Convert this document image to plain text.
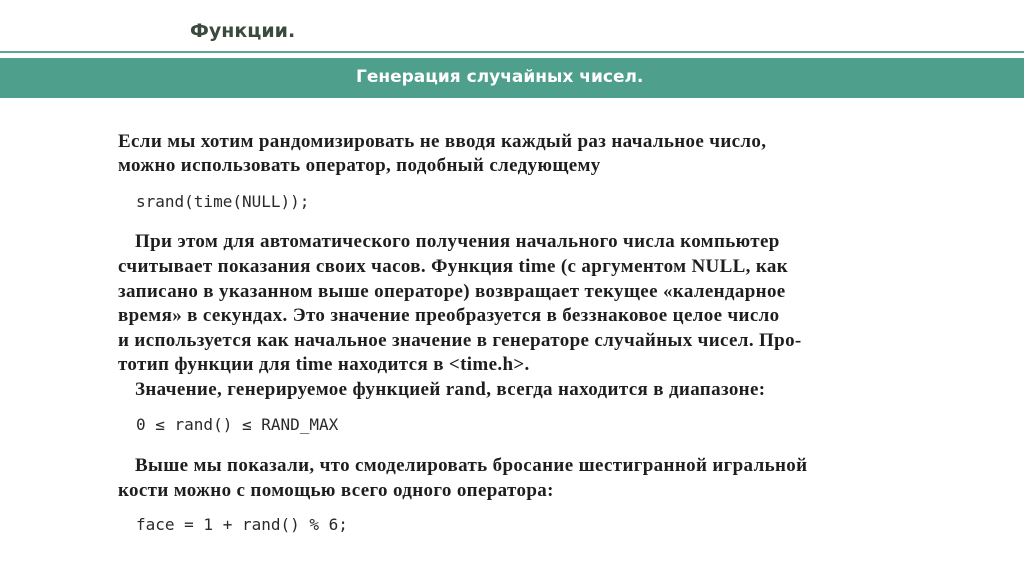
Функции.
Генерация случайных чисел.
Если мы хотим рандомизировать не вводя каждый раз начальное число,
можно использовать оператор, подобный следующему
srand(time(NULL));
При этом для автоматического получения начального числа компьютер
считывает показания своих часов. Функция time (с аргументом NULL, как
записано в указанном выше операторе) возвращает текущее «календарное
время» в секундах. Это значение преобразуется в беззнаковое целое число
и используется как начальное значение в генераторе случайных чисел. Про-
тотип функции для time находится в <time.h>.
Значение, генерируемое функцией rand, всегда находится в диапазоне:
0 ≤ rand() ≤ RAND_MAX
Выше мы показали, что смоделировать бросание шестигранной игральной
кости можно с помощью всего одного оператора:
face = 1 + rand() % 6;
